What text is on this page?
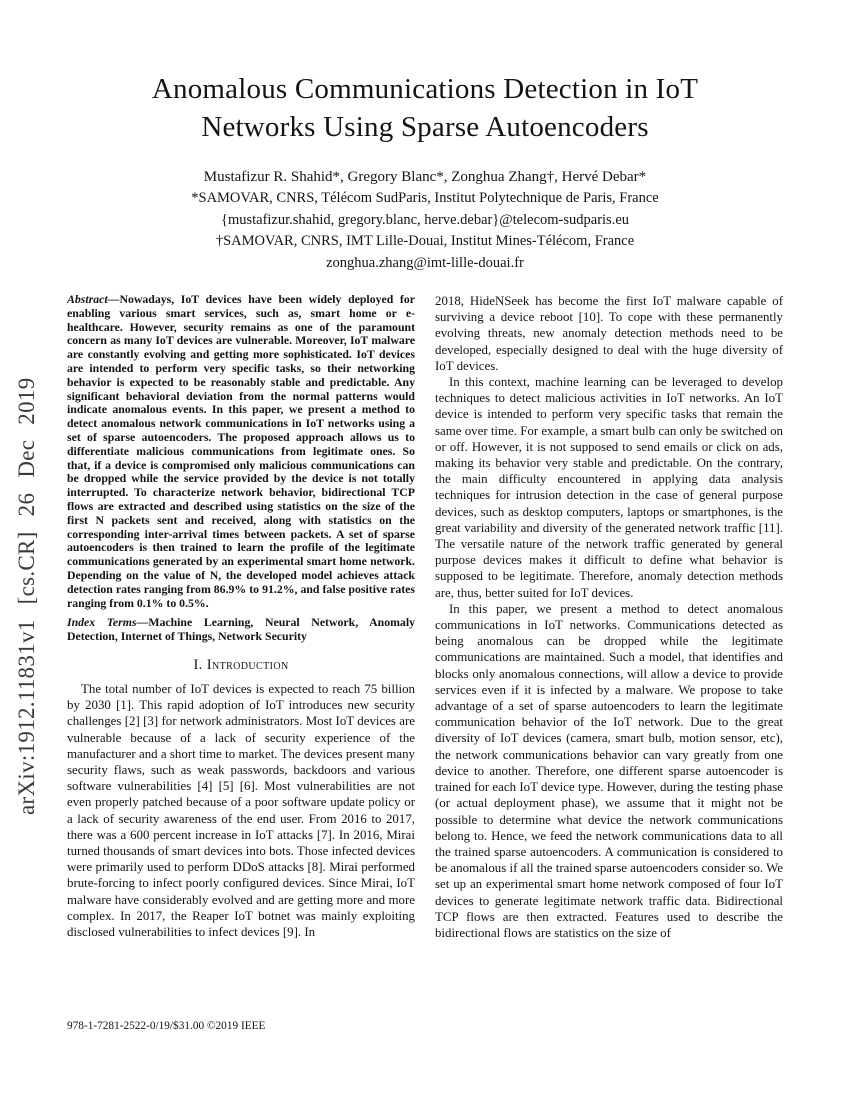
arXiv:1912.11831v1 [cs.CR] 26 Dec 2019
Anomalous Communications Detection in IoT
Networks Using Sparse Autoencoders
Mustafizur R. Shahid*, Gregory Blanc*, Zonghua Zhang†, Hervé Debar*
*SAMOVAR, CNRS, Télécom SudParis, Institut Polytechnique de Paris, France
{mustafizur.shahid, gregory.blanc, herve.debar}@telecom-sudparis.eu
†SAMOVAR, CNRS, IMT Lille-Douai, Institut Mines-Télécom, France
zonghua.zhang@imt-lille-douai.fr

Abstract—Nowadays, IoT devices have been widely deployed for enabling various smart services, such as, smart home or e-healthcare. However, security remains as one of the paramount concern as many IoT devices are vulnerable. Moreover, IoT malware are constantly evolving and getting more sophisticated. IoT devices are intended to perform very specific tasks, so their networking behavior is expected to be reasonably stable and predictable. Any significant behavioral deviation from the normal patterns would indicate anomalous events. In this paper, we present a method to detect anomalous network communications in IoT networks using a set of sparse autoencoders. The proposed approach allows us to differentiate malicious communications from legitimate ones. So that, if a device is compromised only malicious communications can be dropped while the service provided by the device is not totally interrupted. To characterize network behavior, bidirectional TCP flows are extracted and described using statistics on the size of the first N packets sent and received, along with statistics on the corresponding inter-arrival times between packets. A set of sparse autoencoders is then trained to learn the profile of the legitimate communications generated by an experimental smart home network. Depending on the value of N, the developed model achieves attack detection rates ranging from 86.9% to 91.2%, and false positive rates ranging from 0.1% to 0.5%.

Index Terms—Machine Learning, Neural Network, Anomaly Detection, Internet of Things, Network Security

I. Introduction

The total number of IoT devices is expected to reach 75 billion by 2030 [1]. This rapid adoption of IoT introduces new security challenges [2] [3] for network administrators. Most IoT devices are vulnerable because of a lack of security experience of the manufacturer and a short time to market. The devices present many security flaws, such as weak passwords, backdoors and various software vulnerabilities [4] [5] [6]. Most vulnerabilities are not even properly patched because of a poor software update policy or a lack of security awareness of the end user. From 2016 to 2017, there was a 600 percent increase in IoT attacks [7]. In 2016, Mirai turned thousands of smart devices into bots. Those infected devices were primarily used to perform DDoS attacks [8]. Mirai performed brute-forcing to infect poorly configured devices. Since Mirai, IoT malware have considerably evolved and are getting more and more complex. In 2017, the Reaper IoT botnet was mainly exploiting disclosed vulnerabilities to infect devices [9]. In

2018, HideNSeek has become the first IoT malware capable of surviving a device reboot [10]. To cope with these permanently evolving threats, new anomaly detection methods need to be developed, especially designed to deal with the huge diversity of IoT devices.

In this context, machine learning can be leveraged to develop techniques to detect malicious activities in IoT networks. An IoT device is intended to perform very specific tasks that remain the same over time. For example, a smart bulb can only be switched on or off. However, it is not supposed to send emails or click on ads, making its behavior very stable and predictable. On the contrary, the main difficulty encountered in applying data analysis techniques for intrusion detection in the case of general purpose devices, such as desktop computers, laptops or smartphones, is the great variability and diversity of the generated network traffic [11]. The versatile nature of the network traffic generated by general purpose devices makes it difficult to define what behavior is supposed to be legitimate. Therefore, anomaly detection methods are, thus, better suited for IoT devices.

In this paper, we present a method to detect anomalous communications in IoT networks. Communications detected as being anomalous can be dropped while the legitimate communications are maintained. Such a model, that identifies and blocks only anomalous connections, will allow a device to provide services even if it is infected by a malware. We propose to take advantage of a set of sparse autoencoders to learn the legitimate communication behavior of the IoT network. Due to the great diversity of IoT devices (camera, smart bulb, motion sensor, etc), the network communications behavior can vary greatly from one device to another. Therefore, one different sparse autoencoder is trained for each IoT device type. However, during the testing phase (or actual deployment phase), we assume that it might not be possible to determine what device the network communications belong to. Hence, we feed the network communications data to all the trained sparse autoencoders. A communication is considered to be anomalous if all the trained sparse autoencoders consider so. We set up an experimental smart home network composed of four IoT devices to generate legitimate network traffic data. Bidirectional TCP flows are then extracted. Features used to describe the bidirectional flows are statistics on the size of

978-1-7281-2522-0/19/$31.00 ©2019 IEEE
